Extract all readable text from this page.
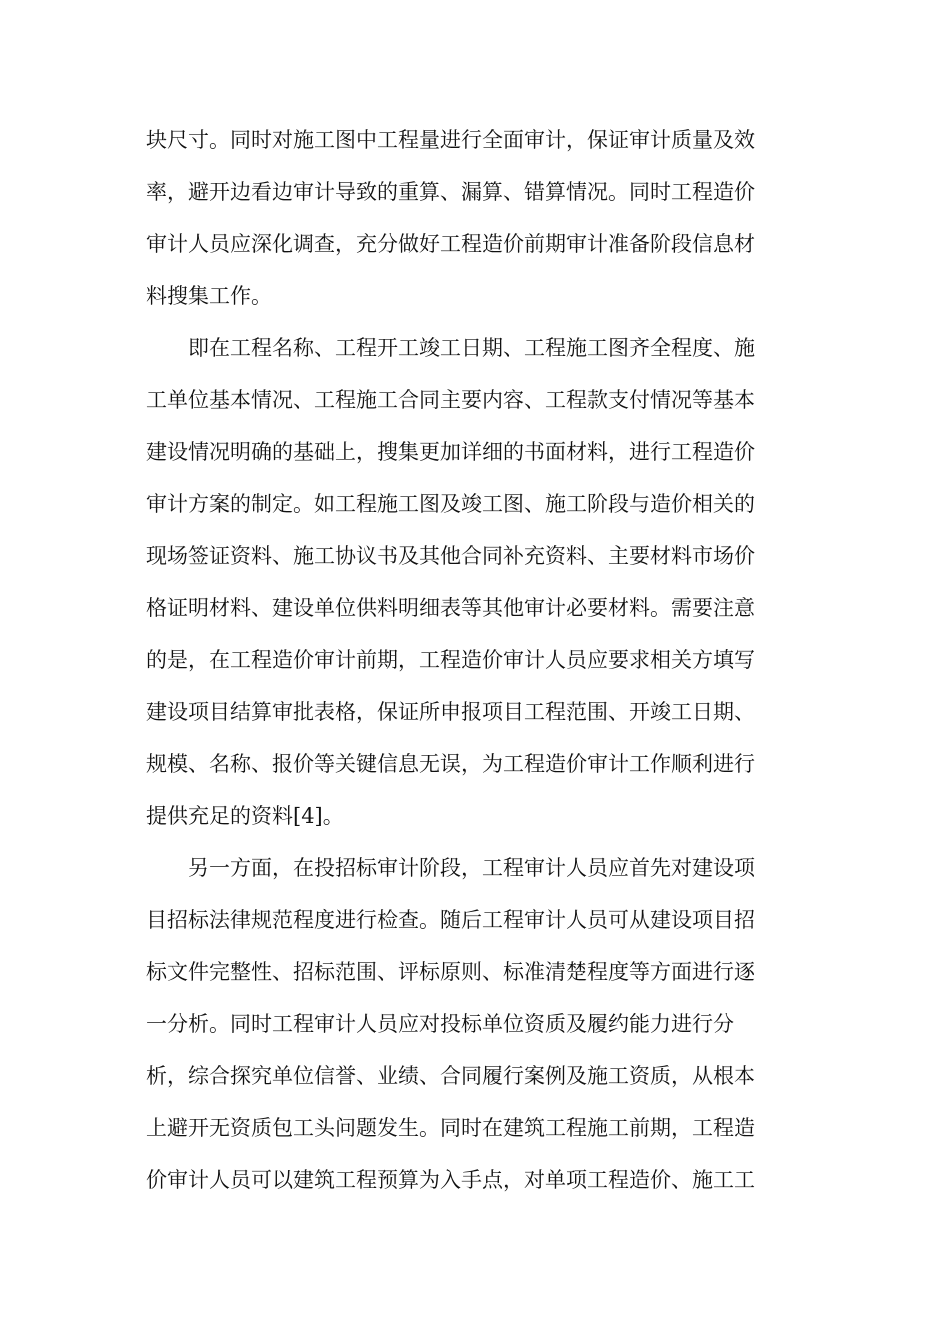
块尺寸。同时对施工图中工程量进行全面审计，保证审计质量及效
率，避开边看边审计导致的重算、漏算、错算情况。同时工程造价
审计人员应深化调查，充分做好工程造价前期审计准备阶段信息材
料搜集工作。
即在工程名称、工程开工竣工日期、工程施工图齐全程度、施
工单位基本情况、工程施工合同主要内容、工程款支付情况等基本
建设情况明确的基础上，搜集更加详细的书面材料，进行工程造价
审计方案的制定。如工程施工图及竣工图、施工阶段与造价相关的
现场签证资料、施工协议书及其他合同补充资料、主要材料市场价
格证明材料、建设单位供料明细表等其他审计必要材料。需要注意
的是，在工程造价审计前期，工程造价审计人员应要求相关方填写
建设项目结算审批表格，保证所申报项目工程范围、开竣工日期、
规模、名称、报价等关键信息无误，为工程造价审计工作顺利进行
提供充足的资料[4]。
另一方面，在投招标审计阶段，工程审计人员应首先对建设项
目招标法律规范程度进行检查。随后工程审计人员可从建设项目招
标文件完整性、招标范围、评标原则、标准清楚程度等方面进行逐
一分析。同时工程审计人员应对投标单位资质及履约能力进行分
析，综合探究单位信誉、业绩、合同履行案例及施工资质，从根本
上避开无资质包工头问题发生。同时在建筑工程施工前期，工程造
价审计人员可以建筑工程预算为入手点，对单项工程造价、施工工
